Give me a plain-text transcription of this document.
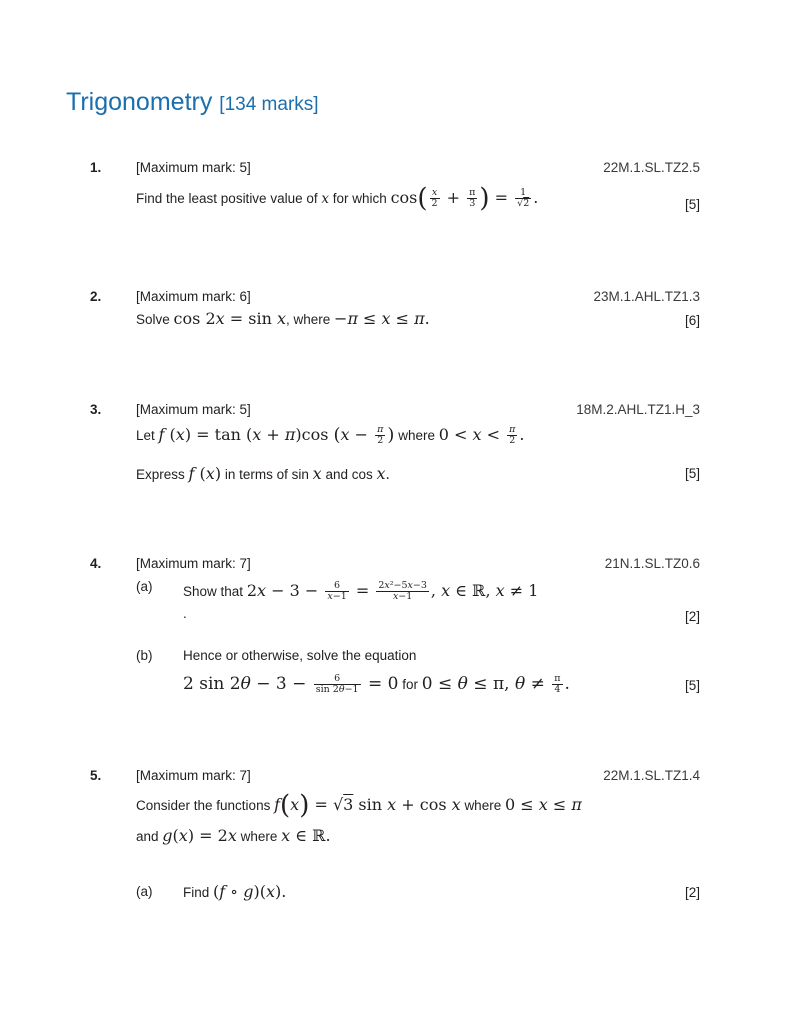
Trigonometry [134 marks]
1.	[Maximum mark: 5]	22M.1.SL.TZ2.5
Find the least positive value of x for which $\cos( \frac{x}{2} + \frac{\pi}{3}$ ) = $\frac{1}{√2}$ .	[5]
2.	[Maximum mark: 6]	23M.1.AHL.TZ1.3
Solve cos 2x = sin x, where −π ≤ x ≤ π.	[6]
3.	[Maximum mark: 5]	18M.2.AHL.TZ1.H_3
Let f (x) = tan (x + π)cos ($x - \frac{\pi}{2}$ ) where $0 < x < \frac{\pi}{2}$ .
Express f (x) in terms of sin x and cos x.	[5]
4.	[Maximum mark: 7]	21N.1.SL.TZ0.6
(a) Show that $2x - 3 - \frac{6}{x-1} = \frac{\text{2x²−5x−3}}{x-1}$ , x ∈ ℝ, x ≠ 1
.	[2]
(b) Hence or otherwise, solve the equation
2 $\sin 2\theta - 3 - \frac{6}{\sin 2\theta-1} = 0$ for 0 ≤ θ ≤ π, $\theta \ne \frac{\pi}{4}$ .	[5]
5.	[Maximum mark: 7]	22M.1.SL.TZ1.4
Consider the functions f(x) = √3 sin x + cos x where 0 ≤ x ≤ π
and g(x) = 2x where x ∈ ℝ.
(a) Find (f ∘ g)(x).	[2]
